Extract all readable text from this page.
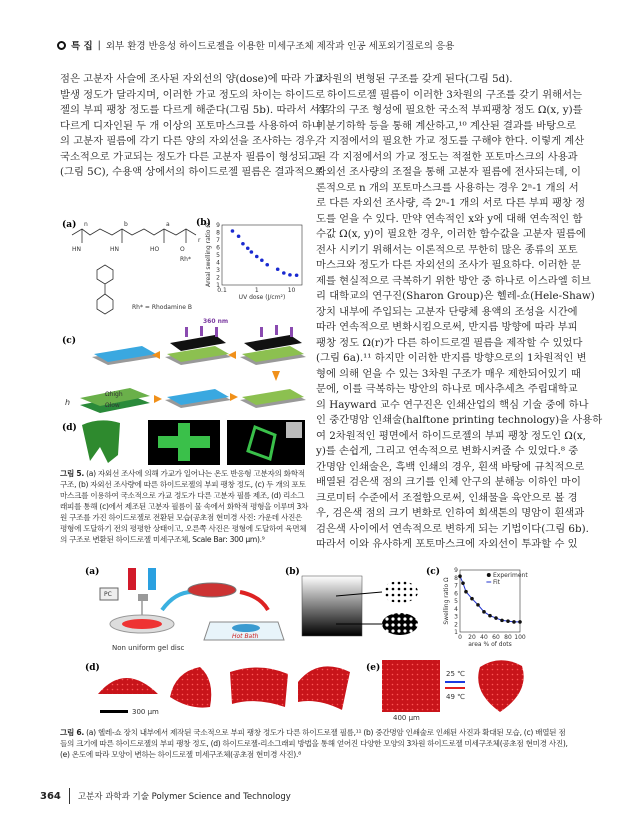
특 집 | 외부 환경 반응성 하이드로젤을 이용한 미세구조체 제작과 인공 세포외기질로의 응용
점은 고분자 사슬에 조사된 자외선의 양(dose)에 따라 가교
발생 정도가 달라지며, 이러한 가교 정도의 차이는 하이드로
젤의 부피 팽창 정도를 다르게 해준다(그림 5b). 따라서 서로
다르게 디자인된 두 개 이상의 포토마스크를 사용하여 하나
의 고분자 필름에 각기 다른 양의 자외선을 조사하는 경우,
국소적으로 가교되는 정도가 다른 고분자 필름이 형성되고
(그림 5C), 수용액 상에서의 하이드로젤 필름은 결과적으로
3차원의 변형된 구조를 갖게 된다(그림 5d).
하이드로젤 필름이 이러한 3차원의 구조를 갖기 위해서는
각각의 구조 형성에 필요한 국소적 부피팽창 정도 Ω(x, y)를
미분기하학 등을 통해 계산하고,¹⁰ 계산된 결과를 바탕으로
각 지점에서의 필요한 가교 정도를 구해야 한다. 이렇게 계산
된 각 지점에서의 가교 정도는 적절한 포토마스크의 사용과
자외선 조사량의 조절을 통해 고분자 필름에 전사되는데, 이
론적으로 n 개의 포토마스크를 사용하는 경우 2ⁿ-1 개의 서
로 다른 자외선 조사량, 즉 2ⁿ-1 개의 서로 다른 부피 팽창 정
도를 얻을 수 있다. 만약 연속적인 x와 y에 대해 연속적인 함
수값 Ω(x, y)이 필요한 경우, 이러한 함수값을 고분자 필름에
전사 시키기 위해서는 이론적으로 무한히 많은 종류의 포토
마스크와 정도가 다른 자외선의 조사가 필요하다. 이러한 문
제를 현실적으로 극복하기 위한 방안 중 하나로 이스라엘 히브
리 대학교의 연구진(Sharon Group)은 헬레-쇼(Hele-Shaw)
장치 내부에 주입되는 고분자 단량체 용액의 조성을 시간에
따라 연속적으로 변화시킴으로써, 반지름 방향에 따라 부피
팽창 정도 Ω(r)가 다른 하이드로겔 필름을 제작할 수 있었다
(그림 6a).¹¹ 하지만 이러한 반지름 방향으로의 1차원적인 변
형에 의해 얻을 수 있는 3차원 구조가 매우 제한되어있기 때
문에, 이를 극복하는 방안의 하나로 메사추세츠 주립대학교
의 Hayward 교수 연구진은 인쇄산업의 핵심 기술 중에 하나
인 중간명암 인쇄술(halftone printing technology)을 사용하
여 2차원적인 평면에서 하이드로젤의 부피 팽창 정도인 Ω(x,
y)를 손쉽게, 그리고 연속적으로 변화시켜줄 수 있었다.⁸ 중
간명암 인쇄술은, 흑백 인쇄의 경우, 흰색 바탕에 규칙적으로
배열된 검은색 점의 크기를 인체 안구의 분해능 이하인 마이
크로미터 수준에서 조절함으로써, 인쇄물을 육안으로 볼 경
우, 검은색 점의 크기 변화로 인하여 회색톤의 명암이 흰색과
검은색 사이에서 연속적으로 변하게 되는 기법이다(그림 6b).
따라서 이와 유사하게 포토마스크에 자외선이 투과할 수 있
(a) n	b	a
r
HN	HN	HO	O
Rh*
Rh* = Rhodamine B
(b)
1
2
3
4
5
6
7
8
9
0.1	1	10
UV dose (J/cm²)
Areal swelling ratio Ω
(c)
360 nm
Ωhigh
Ωlow
h
(d)
그림 5. (a) 자외선 조사에 의해 가교가 일어나는 온도 반응형 고분자의 화학적 구조, (b) 자외선 조사량에 따른 하이드로젤의 부피 팽창 정도, (c) 두 개의 포토마스크를 이용하여 국소적으로 가교 정도가 다른 고분자 필름 제조, (d) 리소그래피를 통해 (c)에서 제조된 고분자 필름이 물 속에서 화학적 평형을 이루며 3차원 구조를 가진 하이드로젤로 전환된 모습(공초점 현미경 사진: 가운데 사진은 평형에 도달하기 전의 평평한 상태이고, 오른쪽 사진은 평형에 도달하여 육면체의 구조로 변환된 하이드로젤 미세구조체, Scale Bar: 300 μm).⁹
(a)
PC
Non uniform gel disc
Hot Bath
(b)	(c)
1
2
3
4
5
6
7
8
9
0 20 40 60 80 100
area % of dots
Swelling ratio Ω
Experiment
Fit
(d)
300 μm
(e)
25 ℃
49 ℃
400 μm
그림 6. (a) 헬레-쇼 장치 내부에서 제작된 국소적으로 부피 팽창 정도가 다른 하이드로젤 필름,¹¹ (b) 중간명암 인쇄술로 인쇄된 사진과 확대된 모습, (c) 배열된 점들의 크기에 따른 하이드로젤의 부피 팽창 정도, (d) 하이드로젤-리소그래피 방법을 통해 얻어진 다양한 모양의 3차원 하이드로젤 미세구조체(공초점 현미경 사진), (e) 온도에 따라 모양이 변하는 하이드로젤 미세구조체(공초점 현미경 사진).⁸
364 고분자 과학과 기술 Polymer Science and Technology
